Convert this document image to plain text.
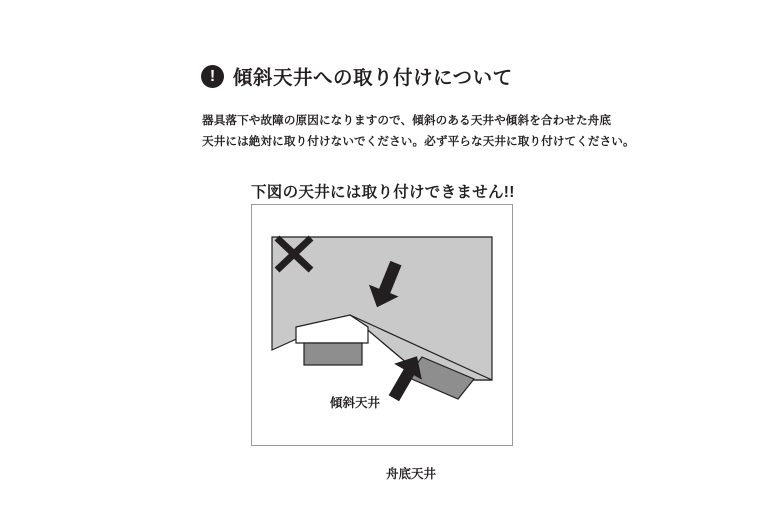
! 傾斜天井への取り付けについて
器具落下や故障の原因になりますので、傾斜のある天井や傾斜を合わせた舟底
天井には絶対に取り付けないでください。必ず平らな天井に取り付けてください。
下図の天井には取り付けできません!!
舟底天井
傾斜天井
